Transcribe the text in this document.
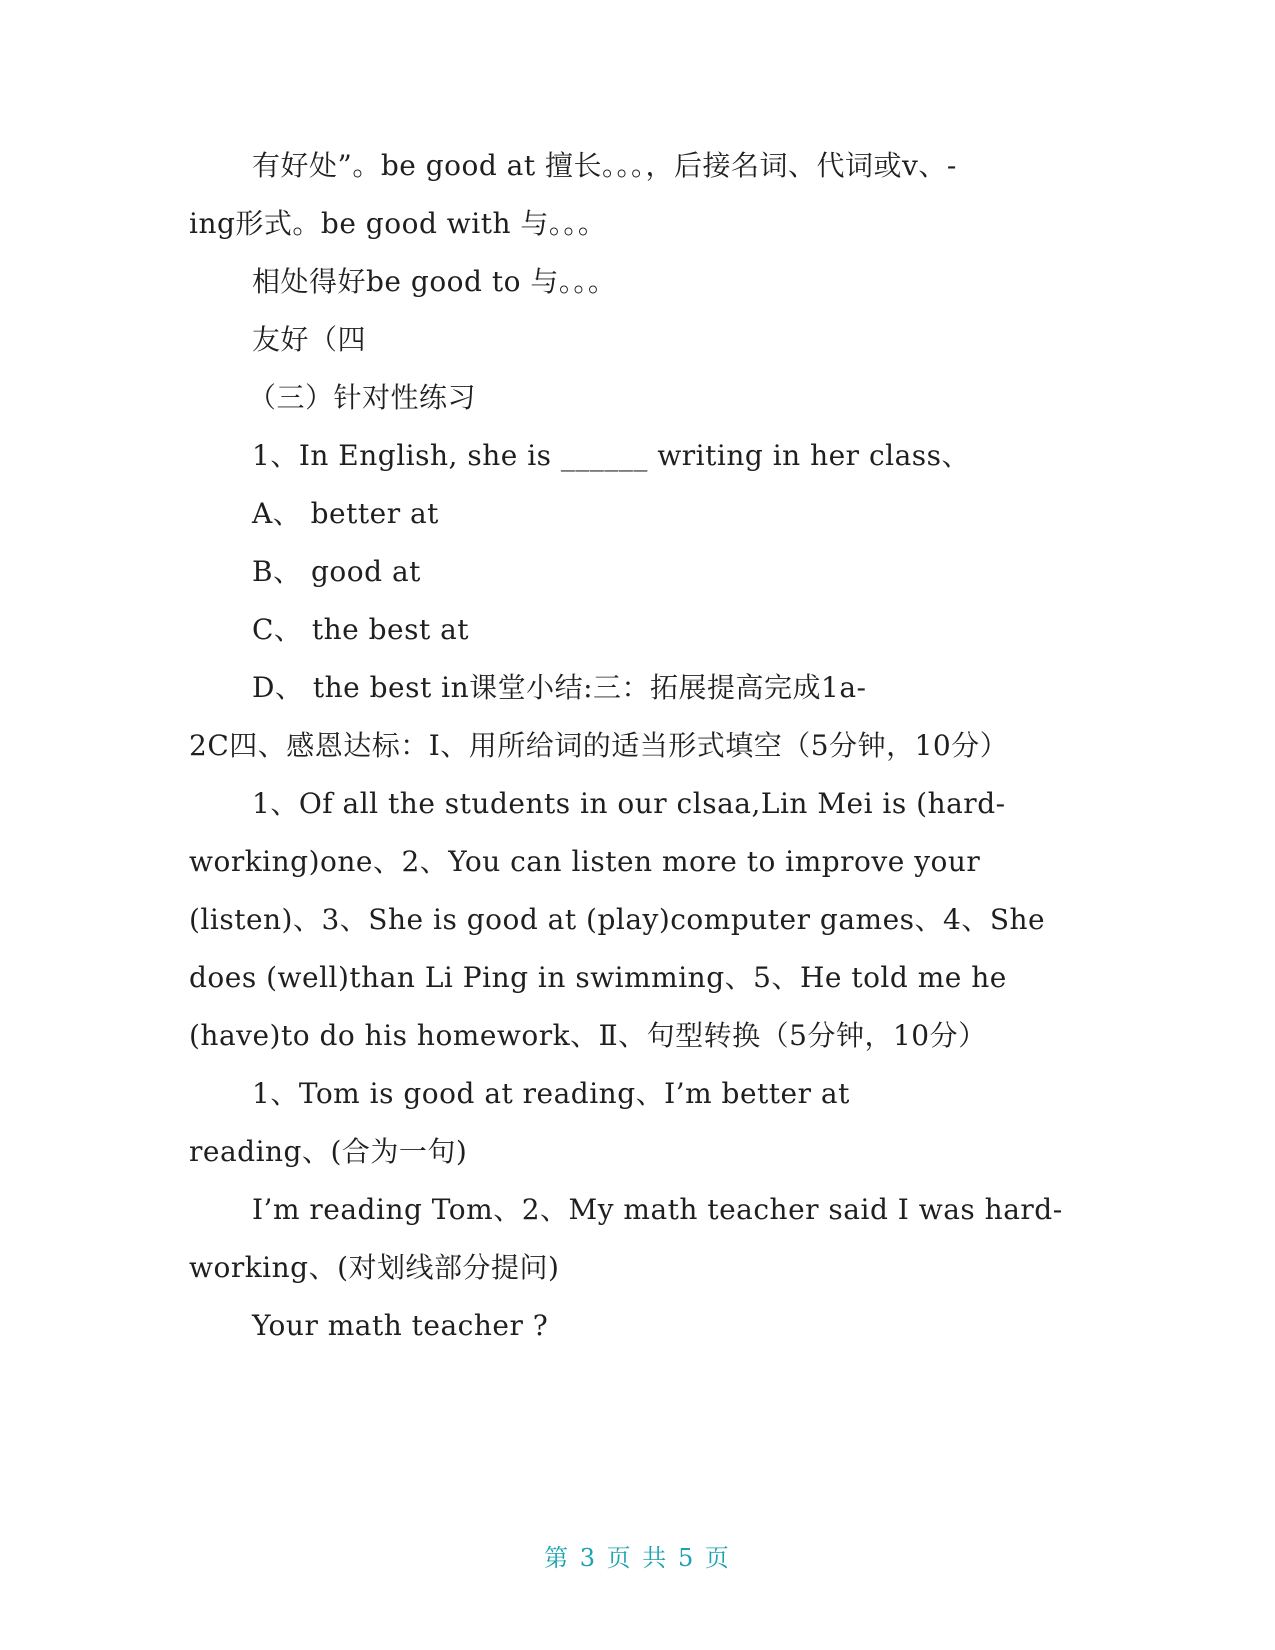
有好处”。be good at 擅长。。。，后接名词、代词或v、-
ing形式。be good with 与。。。
相处得好be good to 与。。。
友好（四
（三）针对性练习
1、In English, she is ______ writing in her class、
A、 better at
B、 good at
C、 the best at
D、 the best in课堂小结:三：拓展提高完成1a-
2C四、感恩达标：Ⅰ、用所给词的适当形式填空（5分钟，10分）
1、Of all the students in our clsaa,Lin Mei is (hard-
working)one、2、You can listen more to improve your
(listen)、3、She is good at (play)computer games、4、She
does (well)than Li Ping in swimming、5、He told me he
(have)to do his homework、Ⅱ、句型转换（5分钟，10分）
1、Tom is good at reading、I’m better at
reading、(合为一句)
I’m reading Tom、2、My math teacher said I was hard-
working、(对划线部分提问)
Your math teacher ?
第 3 页 共 5 页
